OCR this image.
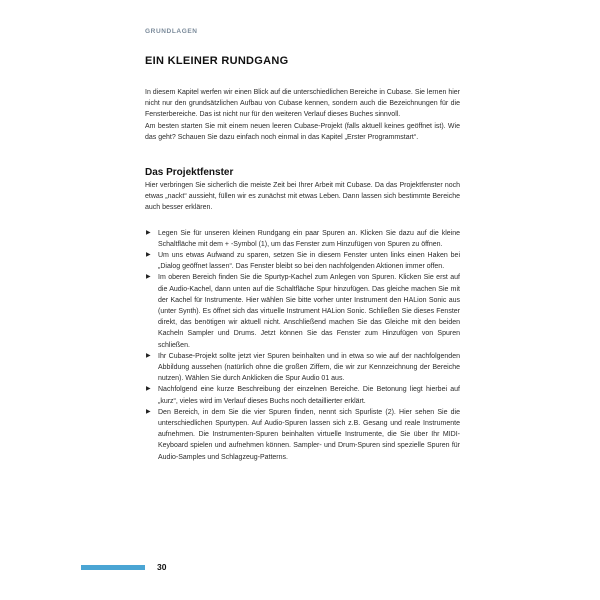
GRUNDLAGEN
EIN KLEINER RUNDGANG
In diesem Kapitel werfen wir einen Blick auf die unterschiedlichen Bereiche in Cubase. Sie lernen hier nicht nur den grundsätzlichen Aufbau von Cubase kennen, sondern auch die Bezeichnungen für die Fensterbereiche. Das ist nicht nur für den weiteren Verlauf dieses Buches sinnvoll.
Am besten starten Sie mit einem neuen leeren Cubase-Projekt (falls aktuell keines geöffnet ist). Wie das geht? Schauen Sie dazu einfach noch einmal in das Kapitel „Erster Programmstart“.
Das Projektfenster
Hier verbringen Sie sicherlich die meiste Zeit bei Ihrer Arbeit mit Cubase. Da das Projektfenster noch etwas „nackt“ aussieht, füllen wir es zunächst mit etwas Leben. Dann lassen sich bestimmte Bereiche auch besser erklären.
▶ Legen Sie für unseren kleinen Rundgang ein paar Spuren an. Klicken Sie dazu auf die kleine Schaltfläche mit dem + -Symbol (1), um das Fenster zum Hinzufügen von Spuren zu öffnen.
▶ Um uns etwas Aufwand zu sparen, setzen Sie in diesem Fenster unten links einen Haken bei „Dialog geöffnet lassen“. Das Fenster bleibt so bei den nachfolgenden Aktionen immer offen.
▶ Im oberen Bereich finden Sie die Spurtyp-Kachel zum Anlegen von Spuren. Klicken Sie erst auf die Audio-Kachel, dann unten auf die Schaltfläche Spur hinzufügen. Das gleiche machen Sie mit der Kachel für Instrumente. Hier wählen Sie bitte vorher unter Instrument den HALion Sonic aus (unter Synth). Es öffnet sich das virtuelle Instrument HALion Sonic. Schließen Sie dieses Fenster direkt, das benötigen wir aktuell nicht. Anschließend machen Sie das Gleiche mit den beiden Kacheln Sampler und Drums. Jetzt können Sie das Fenster zum Hinzufügen von Spuren schließen.
▶ Ihr Cubase-Projekt sollte jetzt vier Spuren beinhalten und in etwa so wie auf der nachfolgenden Abbildung aussehen (natürlich ohne die großen Ziffern, die wir zur Kennzeichnung der Bereiche nutzen). Wählen Sie durch Anklicken die Spur Audio 01 aus.
▶ Nachfolgend eine kurze Beschreibung der einzelnen Bereiche. Die Betonung liegt hierbei auf „kurz“, vieles wird im Verlauf dieses Buchs noch detaillierter erklärt.
▶ Den Bereich, in dem Sie die vier Spuren finden, nennt sich Spurliste (2). Hier sehen Sie die unterschiedlichen Spurtypen. Auf Audio-Spuren lassen sich z.B. Gesang und reale Instrumente aufnehmen. Die Instrumenten-Spuren beinhalten virtuelle Instrumente, die Sie über Ihr MIDI-Keyboard spielen und aufnehmen können. Sampler- und Drum-Spuren sind spezielle Spuren für Audio-Samples und Schlagzeug-Patterns.
30
